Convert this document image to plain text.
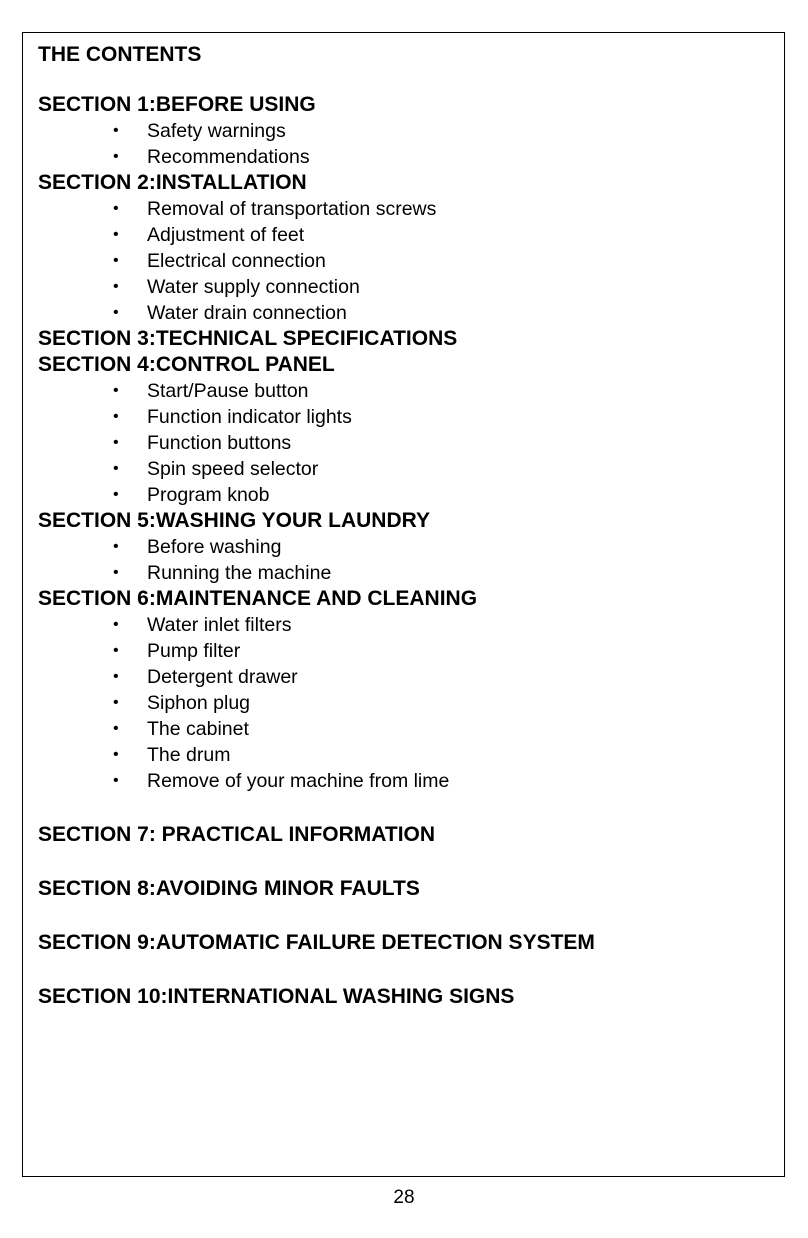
THE CONTENTS
SECTION 1:BEFORE USING
• Safety warnings
• Recommendations
SECTION 2:INSTALLATION
• Removal of transportation screws
• Adjustment of feet
• Electrical connection
• Water supply connection
• Water drain connection
SECTION 3:TECHNICAL SPECIFICATIONS
SECTION 4:CONTROL PANEL
• Start/Pause button
• Function indicator lights
• Function buttons
• Spin speed selector
• Program knob
SECTION 5:WASHING YOUR LAUNDRY
• Before washing
• Running the machine
SECTION 6:MAINTENANCE AND CLEANING
• Water inlet filters
• Pump filter
• Detergent drawer
• Siphon plug
• The cabinet
• The drum
• Remove of your machine from lime
SECTION 7: PRACTICAL INFORMATION
SECTION 8:AVOIDING MINOR FAULTS
SECTION 9:AUTOMATIC FAILURE DETECTION SYSTEM
SECTION 10:INTERNATIONAL WASHING SIGNS
28
